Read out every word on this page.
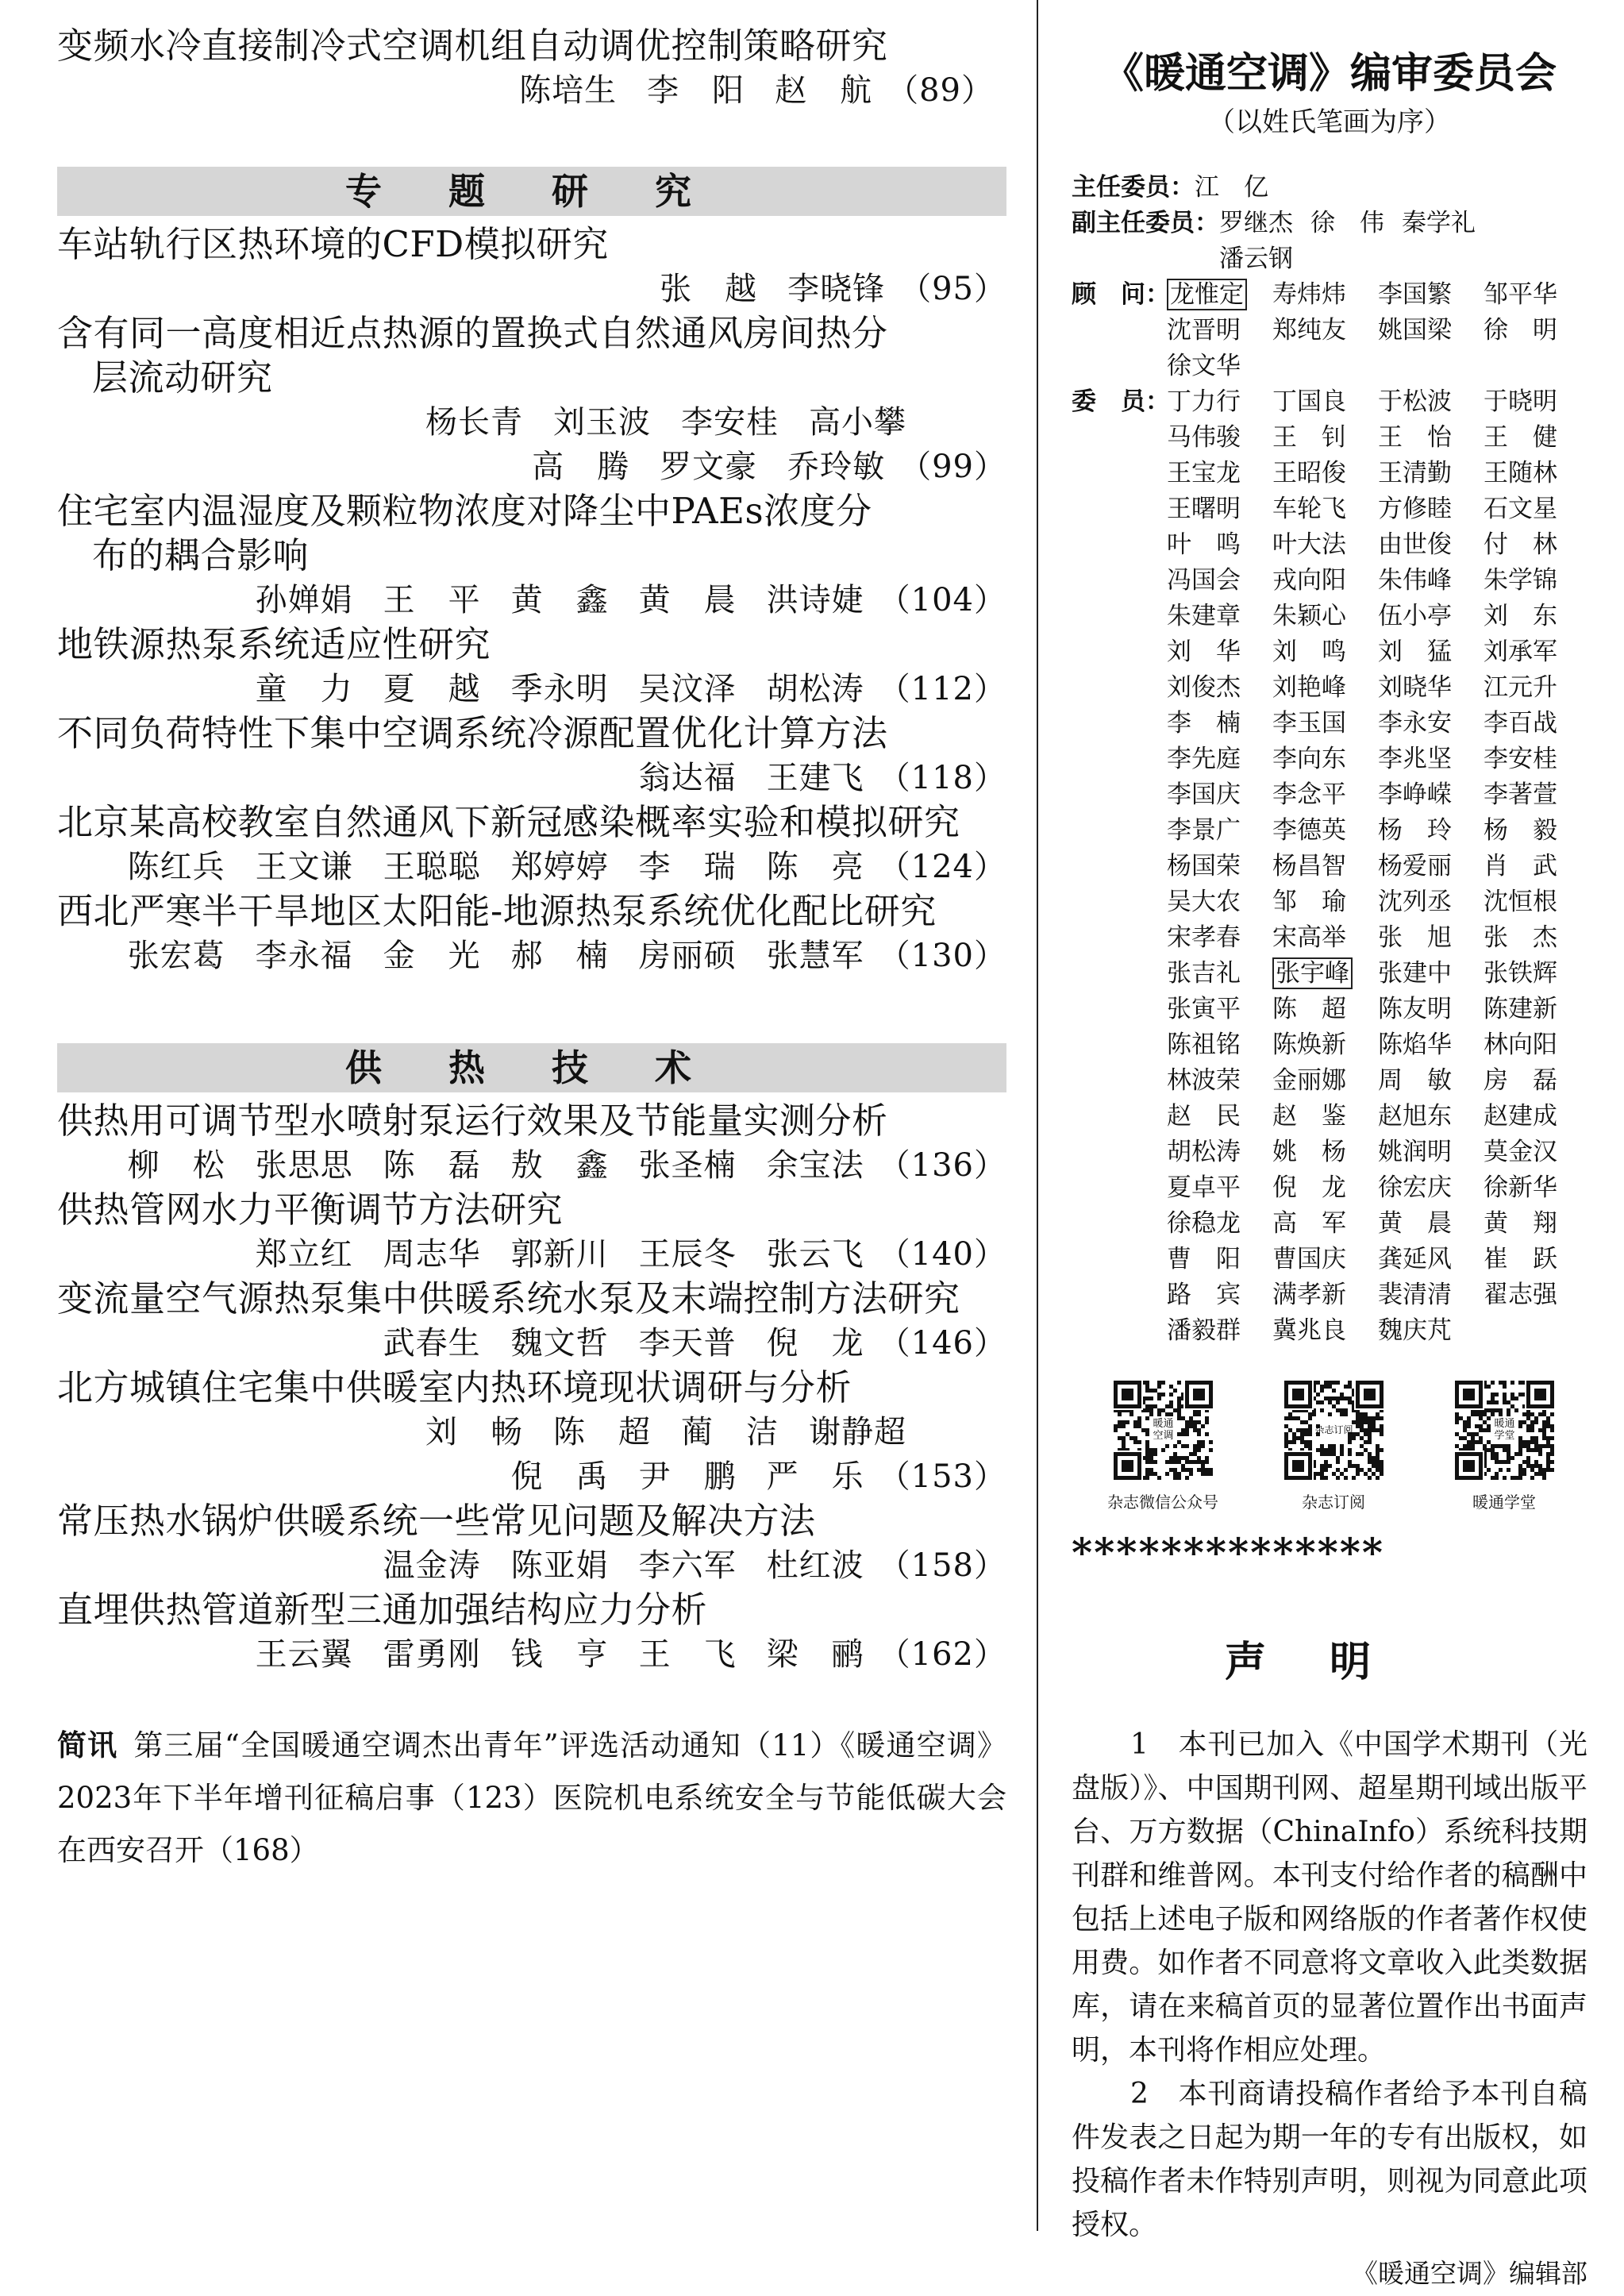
变频水冷直接制冷式空调机组自动调优控制策略研究
陈培生 李　阳 赵　航 （89）
专 题 研 究
车站轨行区热环境的CFD模拟研究
张　越 李晓锋 （95）
含有同一高度相近点热源的置换式自然通风房间热分
层流动研究
杨长青 刘玉波 李安桂 高小攀
高　腾 罗文豪 乔玲敏 （99）
住宅室内温湿度及颗粒物浓度对降尘中PAEs浓度分
布的耦合影响
孙婵娟 王　平 黄　鑫 黄　晨 洪诗婕 （104）
地铁源热泵系统适应性研究
童　力 夏　越 季永明 吴汶泽 胡松涛 （112）
不同负荷特性下集中空调系统冷源配置优化计算方法
翁达福 王建飞 （118）
北京某高校教室自然通风下新冠感染概率实验和模拟研究
陈红兵 王文谦 王聪聪 郑婷婷 李　瑞 陈　亮 （124）
西北严寒半干旱地区太阳能-地源热泵系统优化配比研究
张宏葛 李永福 金　光 郝　楠 房丽硕 张慧军 （130）
供 热 技 术
供热用可调节型水喷射泵运行效果及节能量实测分析
柳　松 张思思 陈　磊 敖　鑫 张圣楠 余宝法 （136）
供热管网水力平衡调节方法研究
郑立红 周志华 郭新川 王辰冬 张云飞 （140）
变流量空气源热泵集中供暖系统水泵及末端控制方法研究
武春生 魏文哲 李天普 倪　龙 （146）
北方城镇住宅集中供暖室内热环境现状调研与分析
刘　畅 陈　超 蔺　洁 谢静超
倪　禹 尹　鹏 严　乐 （153）
常压热水锅炉供暖系统一些常见问题及解决方法
温金涛 陈亚娟 李六军 杜红波 （158）
直埋供热管道新型三通加强结构应力分析
王云翼 雷勇刚 钱　亨 王　飞 梁　鹂 （162）
简讯 第三届“全国暖通空调杰出青年”评选活动通知（11）《暖通空调》2023年下半年增刊征稿启事（123）医院机电系统安全与节能低碳大会在西安召开（168）
《暖通空调》编审委员会
（以姓氏笔画为序）
主任委员： 江　亿
副主任委员： 罗继杰 徐　伟 秦学礼
潘云钢
顾　问： 龙惟定	寿炜炜	李国繁	邹平华
沈晋明	郑纯友	姚国梁	徐　明
徐文华
委　员：
丁力行	丁国良	于松波	于晓明
马伟骏	王　钊	王　怡	王　健
王宝龙	王昭俊	王清勤	王随林
王曙明	车轮飞	方修睦	石文星
叶　鸣	叶大法	由世俊	付　林
冯国会	戎向阳	朱伟峰	朱学锦
朱建章	朱颖心	伍小亭	刘　东
刘　华	刘　鸣	刘　猛	刘承军
刘俊杰	刘艳峰	刘晓华	江元升
李　楠	李玉国	李永安	李百战
李先庭	李向东	李兆坚	李安桂
李国庆	李念平	李峥嵘	李著萱
李景广	李德英	杨　玲	杨　毅
杨国荣	杨昌智	杨爱丽	肖　武
吴大农	邹　瑜	沈列丞	沈恒根
宋孝春	宋高举	张　旭	张　杰
张吉礼	张宇峰	张建中	张铁辉
张寅平	陈　超	陈友明	陈建新
陈祖铭	陈焕新	陈焰华	林向阳
林波荣	金丽娜	周　敏	房　磊
赵　民	赵　鉴	赵旭东	赵建成
胡松涛	姚　杨	姚润明	莫金汉
夏卓平	倪　龙	徐宏庆	徐新华
徐稳龙	高　军	黄　晨	黄　翔
曹　阳	曹国庆	龚延风	崔　跃
路　宾	满孝新	裴清清	翟志强
潘毅群	冀兆良	魏庆芃
暖通
空调
杂志微信公众号
杂志订阅
杂志订阅
暖通
学堂
暖通学堂
**************
声明

1　本刊已加入《中国学术期刊（光盘版）》、中国期刊网、超星期刊域出版平台、万方数据（ChinaInfo）系统科技期刊群和维普网。本刊支付给作者的稿酬中包括上述电子版和网络版的作者著作权使用费。如作者不同意将文章收入此类数据库，请在来稿首页的显著位置作出书面声明，本刊将作相应处理。

2　本刊商请投稿作者给予本刊自稿件发表之日起为期一年的专有出版权，如投稿作者未作特别声明，则视为同意此项授权。

《暖通空调》编辑部
